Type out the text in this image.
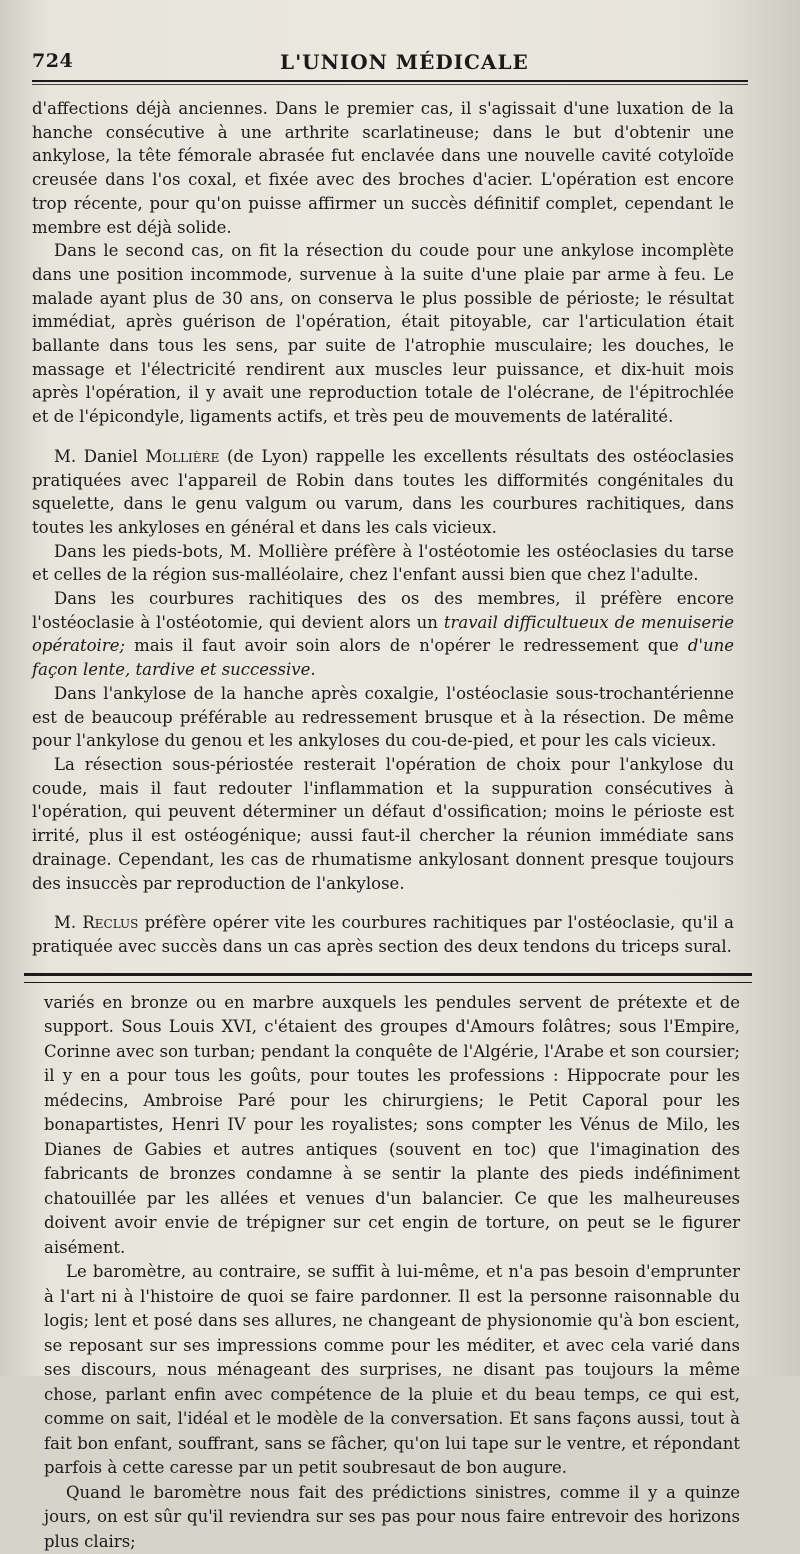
724	L'UNION MÉDICALE

d'affections déjà anciennes. Dans le premier cas, il s'agissait d'une luxation de la hanche consécutive à une arthrite scarlatineuse; dans le but d'obtenir une ankylose, la tête fémorale abrasée fut enclavée dans une nouvelle cavité cotyloïde creusée dans l'os coxal, et fixée avec des broches d'acier. L'opération est encore trop récente, pour qu'on puisse affirmer un succès définitif complet, cependant le membre est déjà solide.

Dans le second cas, on fit la résection du coude pour une ankylose incomplète dans une position incommode, survenue à la suite d'une plaie par arme à feu. Le malade ayant plus de 30 ans, on conserva le plus possible de périoste; le résultat immédiat, après guérison de l'opération, était pitoyable, car l'articulation était ballante dans tous les sens, par suite de l'atrophie musculaire; les douches, le massage et l'électricité rendirent aux muscles leur puissance, et dix-huit mois après l'opération, il y avait une reproduction totale de l'olécrane, de l'épitrochlée et de l'épicondyle, ligaments actifs, et très peu de mouvements de latéralité.

M. Daniel Mollière (de Lyon) rappelle les excellents résultats des ostéoclasies pratiquées avec l'appareil de Robin dans toutes les difformités congénitales du squelette, dans le genu valgum ou varum, dans les courbures rachitiques, dans toutes les ankyloses en général et dans les cals vicieux.

Dans les pieds-bots, M. Mollière préfère à l'ostéotomie les ostéoclasies du tarse et celles de la région sus-malléolaire, chez l'enfant aussi bien que chez l'adulte.

Dans les courbures rachitiques des os des membres, il préfère encore l'ostéoclasie à l'ostéotomie, qui devient alors un travail difficultueux de menuiserie opératoire; mais il faut avoir soin alors de n'opérer le redressement que d'une façon lente, tardive et successive.

Dans l'ankylose de la hanche après coxalgie, l'ostéoclasie sous-trochantérienne est de beaucoup préférable au redressement brusque et à la résection. De même pour l'ankylose du genou et les ankyloses du cou-de-pied, et pour les cals vicieux.

La résection sous-périostée resterait l'opération de choix pour l'ankylose du coude, mais il faut redouter l'inflammation et la suppuration consécutives à l'opération, qui peuvent déterminer un défaut d'ossification; moins le périoste est irrité, plus il est ostéogénique; aussi faut-il chercher la réunion immédiate sans drainage. Cependant, les cas de rhumatisme ankylosant donnent presque toujours des insuccès par reproduction de l'ankylose.

M. Reclus préfère opérer vite les courbures rachitiques par l'ostéoclasie, qu'il a pratiquée avec succès dans un cas après section des deux tendons du triceps sural.

variés en bronze ou en marbre auxquels les pendules servent de prétexte et de support. Sous Louis XVI, c'étaient des groupes d'Amours folâtres; sous l'Empire, Corinne avec son turban; pendant la conquête de l'Algérie, l'Arabe et son coursier; il y en a pour tous les goûts, pour toutes les professions : Hippocrate pour les médecins, Ambroise Paré pour les chirurgiens; le Petit Caporal pour les bonapartistes, Henri IV pour les royalistes; sons compter les Vénus de Milo, les Dianes de Gabies et autres antiques (souvent en toc) que l'imagination des fabricants de bronzes condamne à se sentir la plante des pieds indéfiniment chatouillée par les allées et venues d'un balancier. Ce que les malheureuses doivent avoir envie de trépigner sur cet engin de torture, on peut se le figurer aisément.

Le baromètre, au contraire, se suffit à lui-même, et n'a pas besoin d'emprunter à l'art ni à l'histoire de quoi se faire pardonner. Il est la personne raisonnable du logis; lent et posé dans ses allures, ne changeant de physionomie qu'à bon escient, se reposant sur ses impressions comme pour les méditer, et avec cela varié dans ses discours, nous ménageant des surprises, ne disant pas toujours la même chose, parlant enfin avec compétence de la pluie et du beau temps, ce qui est, comme on sait, l'idéal et le modèle de la conversation. Et sans façons aussi, tout à fait bon enfant, souffrant, sans se fâcher, qu'on lui tape sur le ventre, et répondant parfois à cette caresse par un petit soubresaut de bon augure.

Quand le baromètre nous fait des prédictions sinistres, comme il y a quinze jours, on est sûr qu'il reviendra sur ses pas pour nous faire entrevoir des horizons plus clairs;
